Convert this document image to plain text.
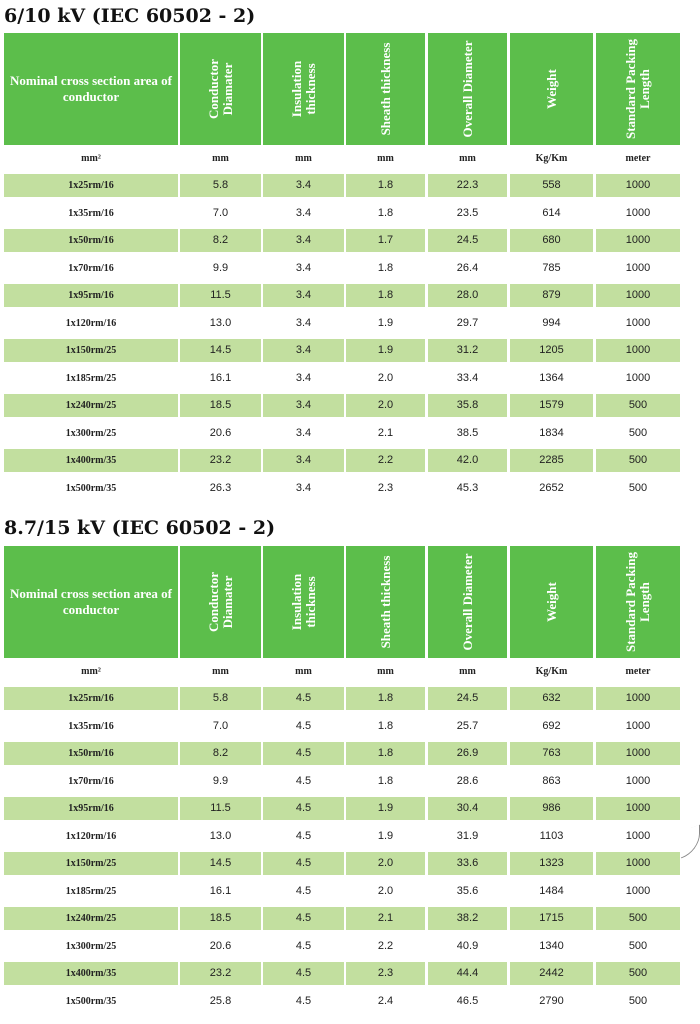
6/10 kV (IEC 60502 - 2)
Nominal cross section area of conductor	Conductor Diamater	Insulation thickness	Sheath thickness	Overall Diameter	Weight	Standard Packing Length
mm²	mm	mm	mm	mm	Kg/Km	meter
1x25rm/16	5.8	3.4	1.8	22.3	558	1000
1x35rm/16	7.0	3.4	1.8	23.5	614	1000
1x50rm/16	8.2	3.4	1.7	24.5	680	1000
1x70rm/16	9.9	3.4	1.8	26.4	785	1000
1x95rm/16	11.5	3.4	1.8	28.0	879	1000
1x120rm/16	13.0	3.4	1.9	29.7	994	1000
1x150rm/25	14.5	3.4	1.9	31.2	1205	1000
1x185rm/25	16.1	3.4	2.0	33.4	1364	1000
1x240rm/25	18.5	3.4	2.0	35.8	1579	500
1x300rm/25	20.6	3.4	2.1	38.5	1834	500
1x400rm/35	23.2	3.4	2.2	42.0	2285	500
1x500rm/35	26.3	3.4	2.3	45.3	2652	500
8.7/15 kV (IEC 60502 - 2)
Nominal cross section area of conductor	Conductor Diamater	Insulation thickness	Sheath thickness	Overall Diameter	Weight	Standard Packing Length
mm²	mm	mm	mm	mm	Kg/Km	meter
1x25rm/16	5.8	4.5	1.8	24.5	632	1000
1x35rm/16	7.0	4.5	1.8	25.7	692	1000
1x50rm/16	8.2	4.5	1.8	26.9	763	1000
1x70rm/16	9.9	4.5	1.8	28.6	863	1000
1x95rm/16	11.5	4.5	1.9	30.4	986	1000
1x120rm/16	13.0	4.5	1.9	31.9	1103	1000
1x150rm/25	14.5	4.5	2.0	33.6	1323	1000
1x185rm/25	16.1	4.5	2.0	35.6	1484	1000
1x240rm/25	18.5	4.5	2.1	38.2	1715	500
1x300rm/25	20.6	4.5	2.2	40.9	1340	500
1x400rm/35	23.2	4.5	2.3	44.4	2442	500
1x500rm/35	25.8	4.5	2.4	46.5	2790	500
